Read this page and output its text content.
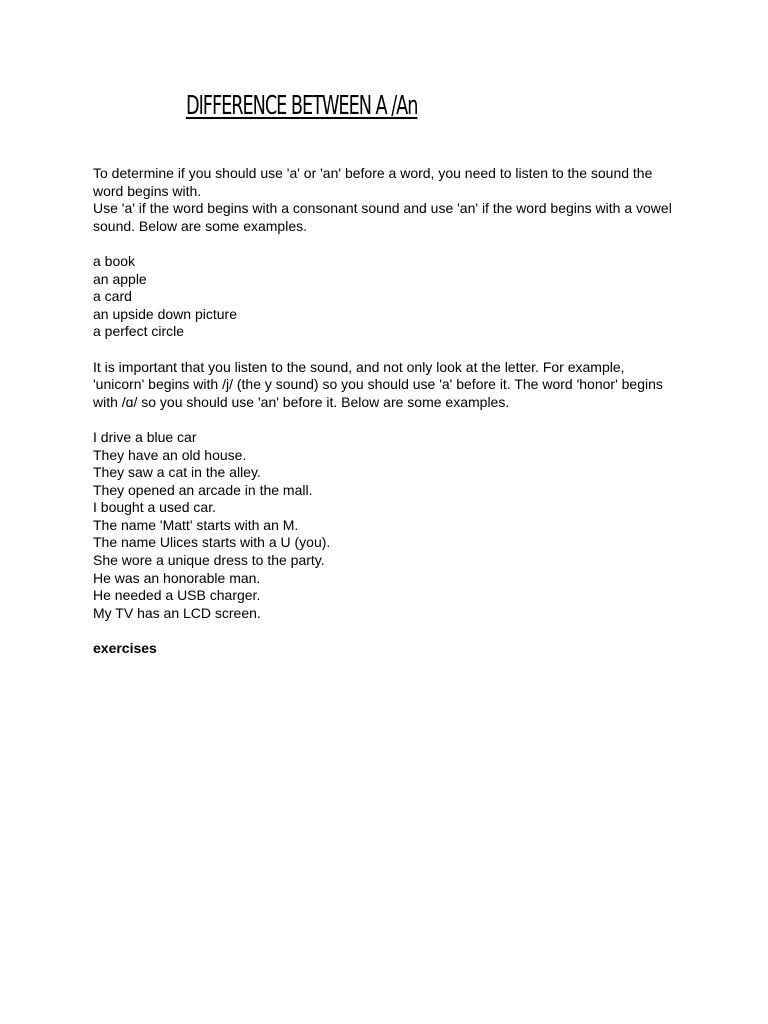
DIFFERENCE BETWEEN A /An

To determine if you should use 'a' or 'an' before a word, you need to listen to the sound the word begins with.

Use 'a' if the word begins with a consonant sound and use 'an' if the word begins with a vowel sound. Below are some examples.

a book
an apple
a card
an upside down picture
a perfect circle

It is important that you listen to the sound, and not only look at the letter. For example, 'unicorn' begins with /j/ (the y sound) so you should use 'a' before it. The word 'honor' begins with /ɑ/ so you should use 'an' before it. Below are some examples.

I drive a blue car
They have an old house.
They saw a cat in the alley.
They opened an arcade in the mall.
I bought a used car.
The name 'Matt' starts with an M.
The name Ulices starts with a U (you).
She wore a unique dress to the party.
He was an honorable man.
He needed a USB charger.
My TV has an LCD screen.

exercises
